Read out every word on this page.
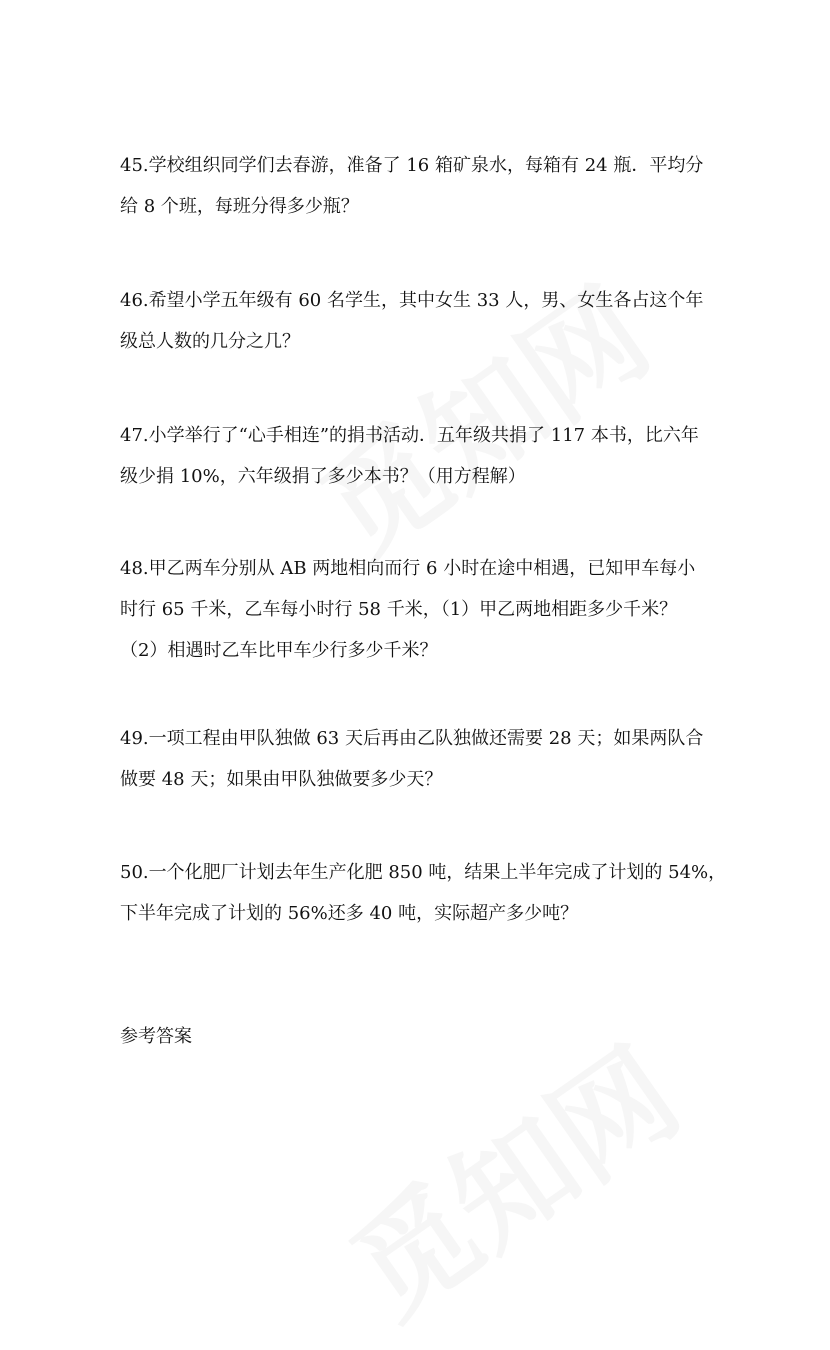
45.学校组织同学们去春游，准备了 16 箱矿泉水，每箱有 24 瓶．平均分

给 8 个班，每班分得多少瓶？

46.希望小学五年级有 60 名学生，其中女生 33 人，男、女生各占这个年

级总人数的几分之几？

47.小学举行了“心手相连”的捐书活动．五年级共捐了 117 本书，比六年

级少捐 10%，六年级捐了多少本书？（用方程解）

48.甲乙两车分别从 AB 两地相向而行 6 小时在途中相遇，已知甲车每小

时行 65 千米，乙车每小时行 58 千米，（1）甲乙两地相距多少千米？

（2）相遇时乙车比甲车少行多少千米？

49.一项工程由甲队独做 63 天后再由乙队独做还需要 28 天；如果两队合

做要 48 天；如果由甲队独做要多少天？

50.一个化肥厂计划去年生产化肥 850 吨，结果上半年完成了计划的 54%，

下半年完成了计划的 56%还多 40 吨，实际超产多少吨？

参考答案
